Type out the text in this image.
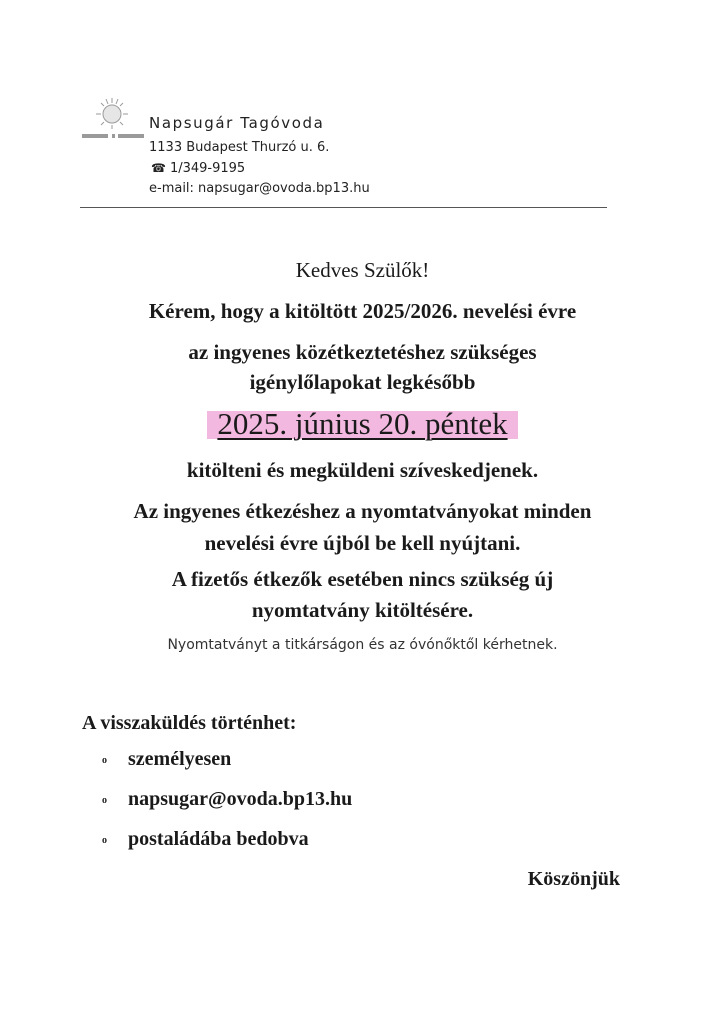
Napsugár Tagóvoda
1133 Budapest Thurzó u. 6.
☎ 1/349-9195
e-mail: napsugar@ovoda.bp13.hu
Kedves Szülők!
Kérem, hogy a kitöltött 2025/2026. nevelési évre
az ingyenes közétkeztetéshez szükséges
igénylőlapokat legkésőbb
2025. június 20. péntek
kitölteni és megküldeni szíveskedjenek.
Az ingyenes étkezéshez a nyomtatványokat minden
nevelési évre újból be kell nyújtani.
A fizetős étkezők esetében nincs szükség új
nyomtatvány kitöltésére.
Nyomtatványt a titkárságon és az óvónőktől kérhetnek.
A visszaküldés történhet:
o személyesen
o napsugar@ovoda.bp13.hu
o postaládába bedobva
Köszönjük
